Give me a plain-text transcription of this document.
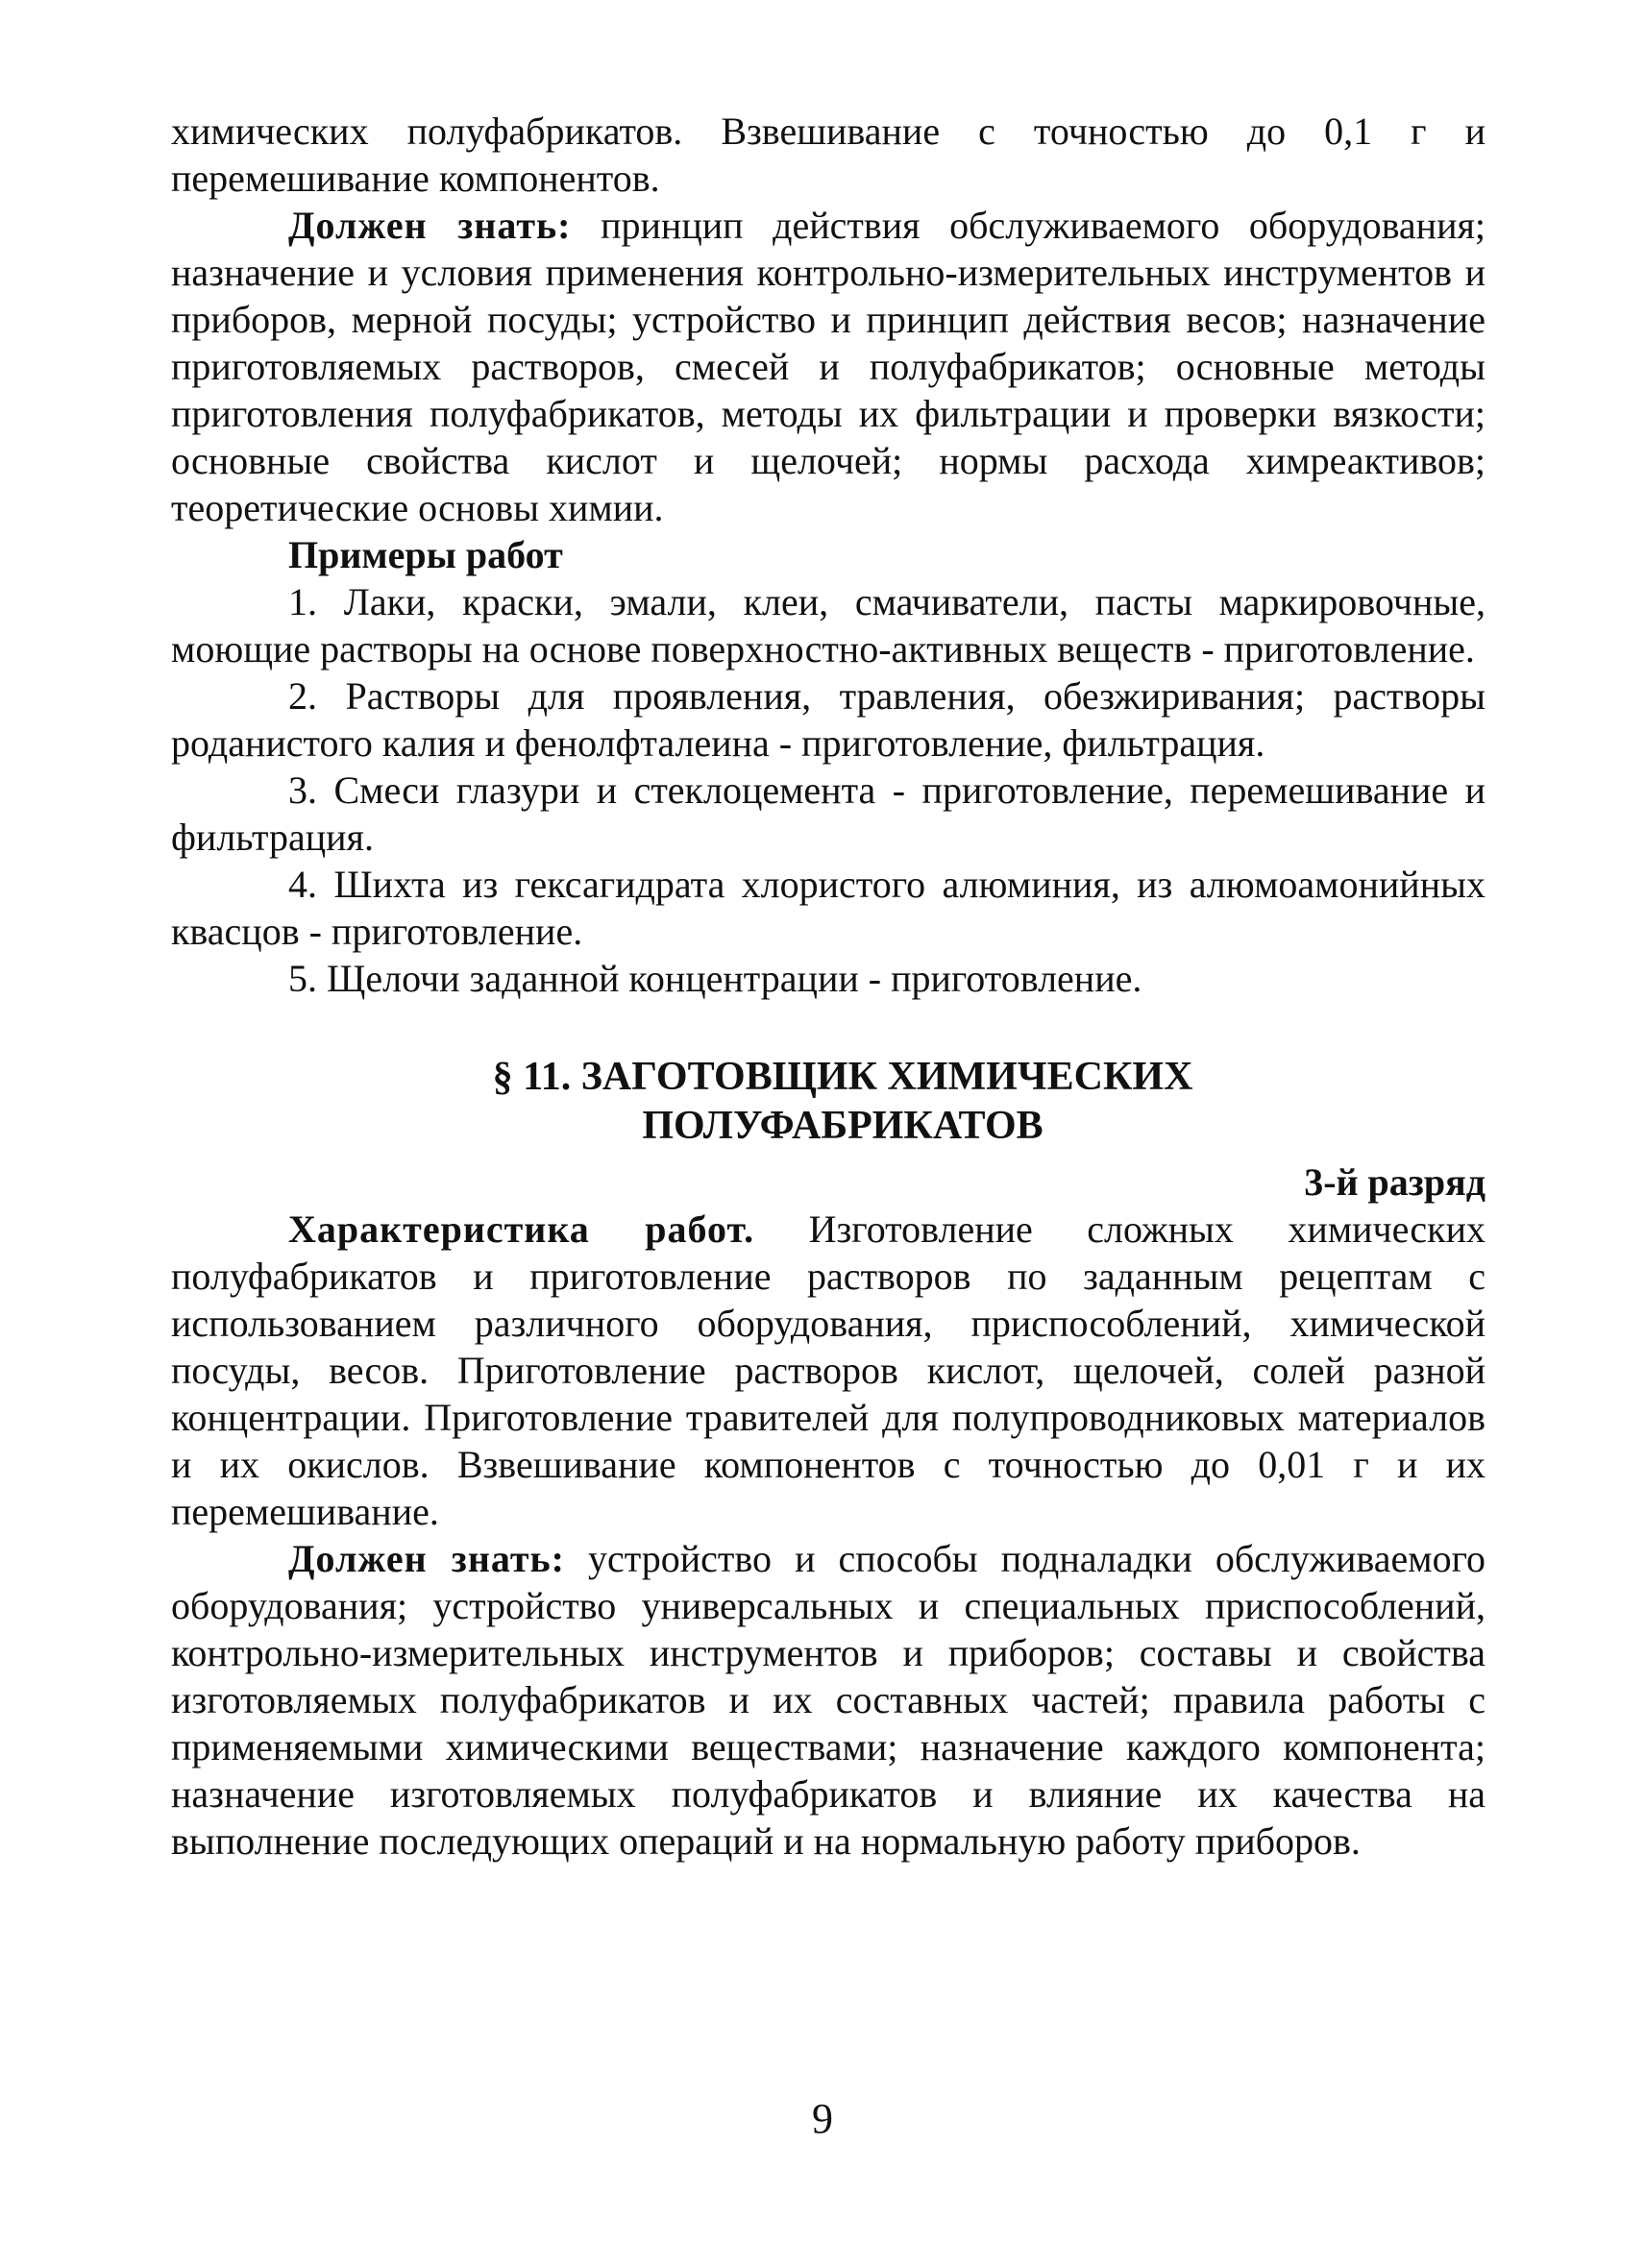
химических полуфабрикатов. Взвешивание с точностью до 0,1 г и перемешивание компонентов.

Должен знать: принцип действия обслуживаемого оборудования; назначение и условия применения контрольно-измерительных инструментов и приборов, мерной посуды; устройство и принцип действия весов; назначение приготовляемых растворов, смесей и полуфабрикатов; основные методы приготовления полуфабрикатов, методы их фильтрации и проверки вязкости; основные свойства кислот и щелочей; нормы расхода химреактивов; теоретические основы химии.

Примеры работ

1. Лаки, краски, эмали, клеи, смачиватели, пасты маркировочные, моющие растворы на основе поверхностно-активных веществ - приготовление.

2. Растворы для проявления, травления, обезжиривания; растворы роданистого калия и фенолфталеина - приготовление, фильтрация.

3. Смеси глазури и стеклоцемента - приготовление, перемешивание и фильтрация.

4. Шихта из гексагидрата хлористого алюминия, из алюмоамонийных квасцов - приготовление.

5. Щелочи заданной концентрации - приготовление.

§ 11. ЗАГОТОВЩИК ХИМИЧЕСКИХ
ПОЛУФАБРИКАТОВ
3-й разряд

Характеристика работ. Изготовление сложных химических полуфабрикатов и приготовление растворов по заданным рецептам с использованием различного оборудования, приспособлений, химической посуды, весов. Приготовление растворов кислот, щелочей, солей разной концентрации. Приготовление травителей для полупроводниковых материалов и их окислов. Взвешивание компонентов с точностью до 0,01 г и их перемешивание.

Должен знать: устройство и способы подналадки обслуживаемого оборудования; устройство универсальных и специальных приспособлений, контрольно-измерительных инструментов и приборов; составы и свойства изготовляемых полуфабрикатов и их составных частей; правила работы с применяемыми химическими веществами; назначение каждого компонента; назначение изготовляемых полуфабрикатов и влияние их качества на выполнение последующих операций и на нормальную работу приборов.

9
